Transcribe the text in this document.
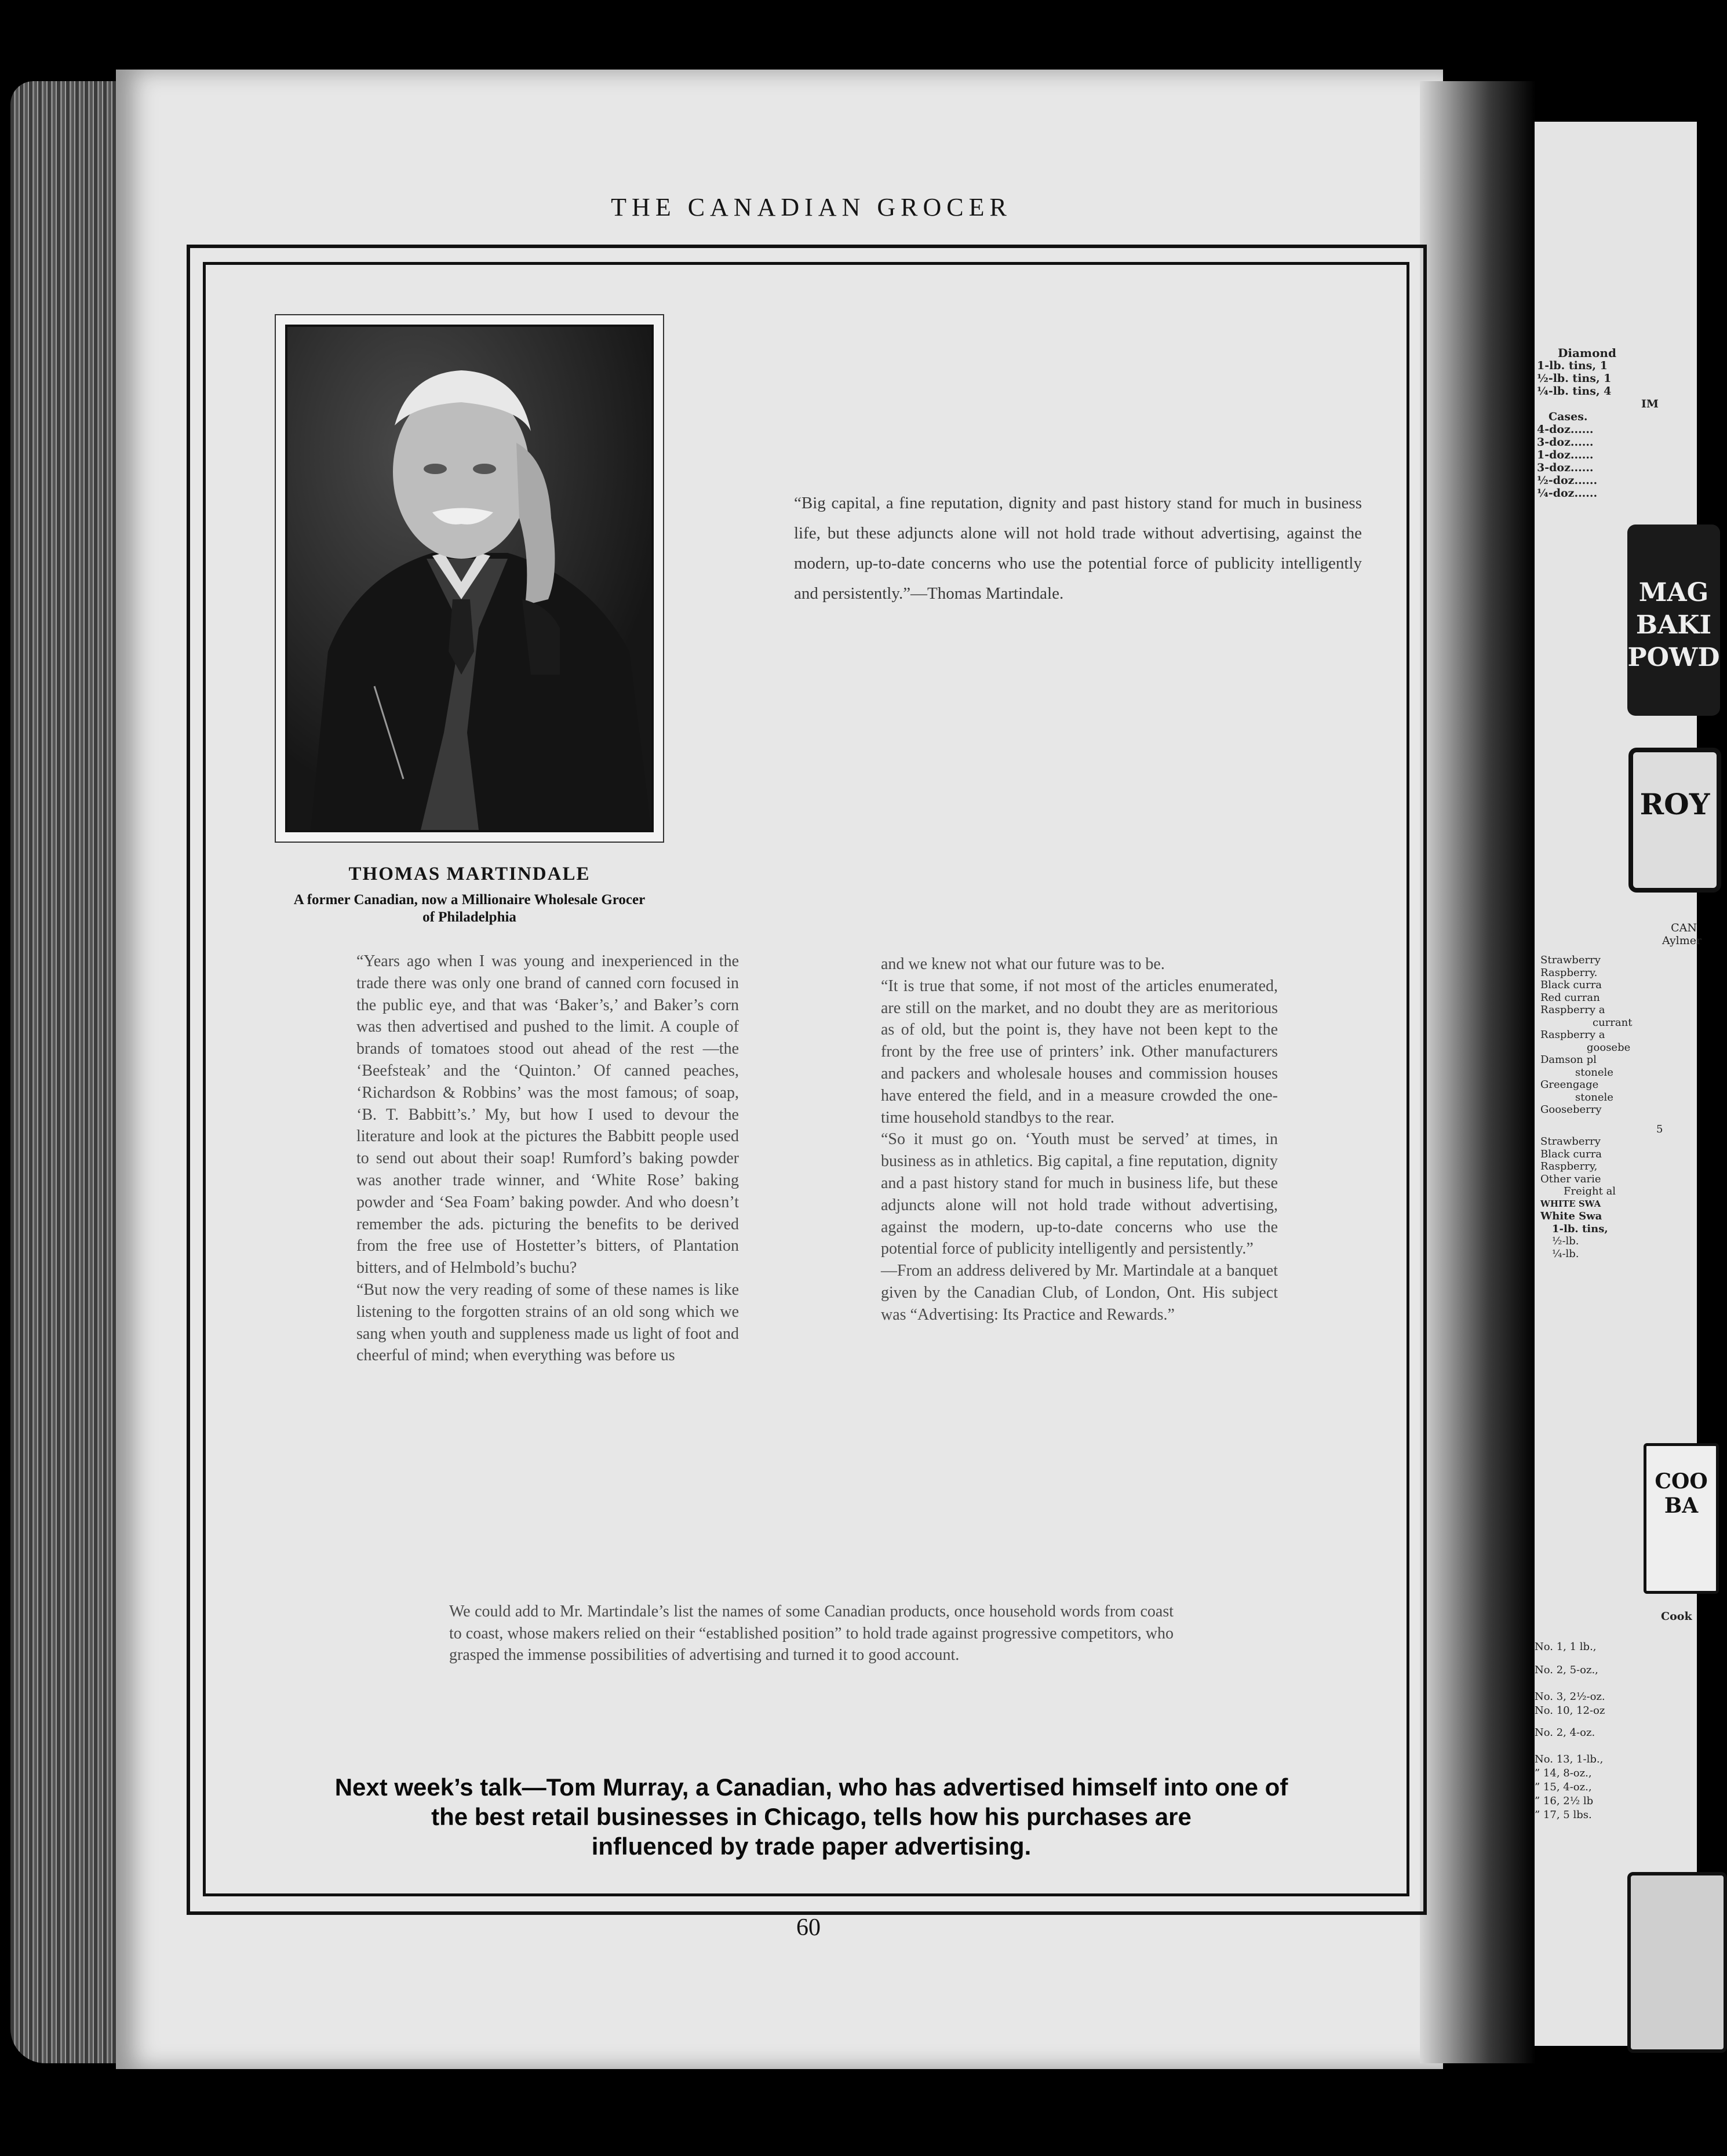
Diamond
1-lb. tins, 1
½-lb. tins, 1
¼-lb. tins, 4
IM
Cases.
4-doz......
3-doz......
1-doz......
3-doz......
½-doz......
¼-doz......
MAG BAKI POWD
ROY
CAN
Aylmer
Strawberry
Raspberry.
Black curra
Red curran
Raspberry a
currant
Raspberry a
goosebe
Damson pl
stonele
Greengage
stonele
Gooseberry
5
Strawberry
Black curra
Raspberry,
Other varie
Freight al
WHITE SWA
White Swa
1-lb. tins,
½-lb.
¼-lb.
COO BA
Cook
No. 1, 1 lb.,
No. 2, 5-oz.,
No. 3, 2½-oz.
No. 10, 12-oz
No. 2, 4-oz.
No. 13, 1-lb.,
” 14, 8-oz.,
” 15, 4-oz.,
” 16, 2½ lb
” 17, 5 lbs.
THE CANADIAN GROCER
THOMAS MARTINDALE
A former Canadian, now a Millionaire Wholesale Grocer
of Philadelphia
“Big capital, a fine reputation, dignity and past history stand for much in business life, but these adjuncts alone will not hold trade without advertising, against the modern, up-to-date concerns who use the potential force of publicity intelligently and persistently.”—Thomas Martindale.

“Years ago when I was young and inexperienced in the trade there was only one brand of canned corn focused in the public eye, and that was ‘Baker’s,’ and Baker’s corn was then advertised and pushed to the limit. A couple of brands of tomatoes stood out ahead of the rest —the ‘Beefsteak’ and the ‘Quinton.’ Of canned peaches, ‘Richardson & Robbins’ was the most famous; of soap, ‘B. T. Babbitt’s.’ My, but how I used to devour the literature and look at the pictures the Babbitt people used to send out about their soap! Rumford’s baking powder was another trade winner, and ‘White Rose’ baking powder and ‘Sea Foam’ baking powder. And who doesn’t remember the ads. picturing the benefits to be derived from the free use of Hostetter’s bitters, of Plantation bitters, and of Helmbold’s buchu?

“But now the very reading of some of these names is like listening to the forgotten strains of an old song which we sang when youth and suppleness made us light of foot and cheerful of mind; when everything was before us

and we knew not what our future was to be.

“It is true that some, if not most of the articles enumerated, are still on the market, and no doubt they are as meritorious as of old, but the point is, they have not been kept to the front by the free use of printers’ ink. Other manufacturers and packers and wholesale houses and commission houses have entered the field, and in a measure crowded the one-time household standbys to the rear.

“So it must go on. ‘Youth must be served’ at times, in business as in athletics. Big capital, a fine reputation, dignity and a past history stand for much in business life, but these adjuncts alone will not hold trade without advertising, against the modern, up-to-date concerns who use the potential force of publicity intelligently and persistently.”

—From an address delivered by Mr. Martindale at a banquet given by the Canadian Club, of London, Ont. His subject was “Advertising: Its Practice and Rewards.”

We could add to Mr. Martindale’s list the names of some Canadian products, once household words from coast to coast, whose makers relied on their “established position” to hold trade against progressive competitors, who grasped the immense possibilities of advertising and turned it to good account.
Next week’s talk—Tom Murray, a Canadian, who has advertised himself into one of
the best retail businesses in Chicago, tells how his purchases are
influenced by trade paper advertising.
60
